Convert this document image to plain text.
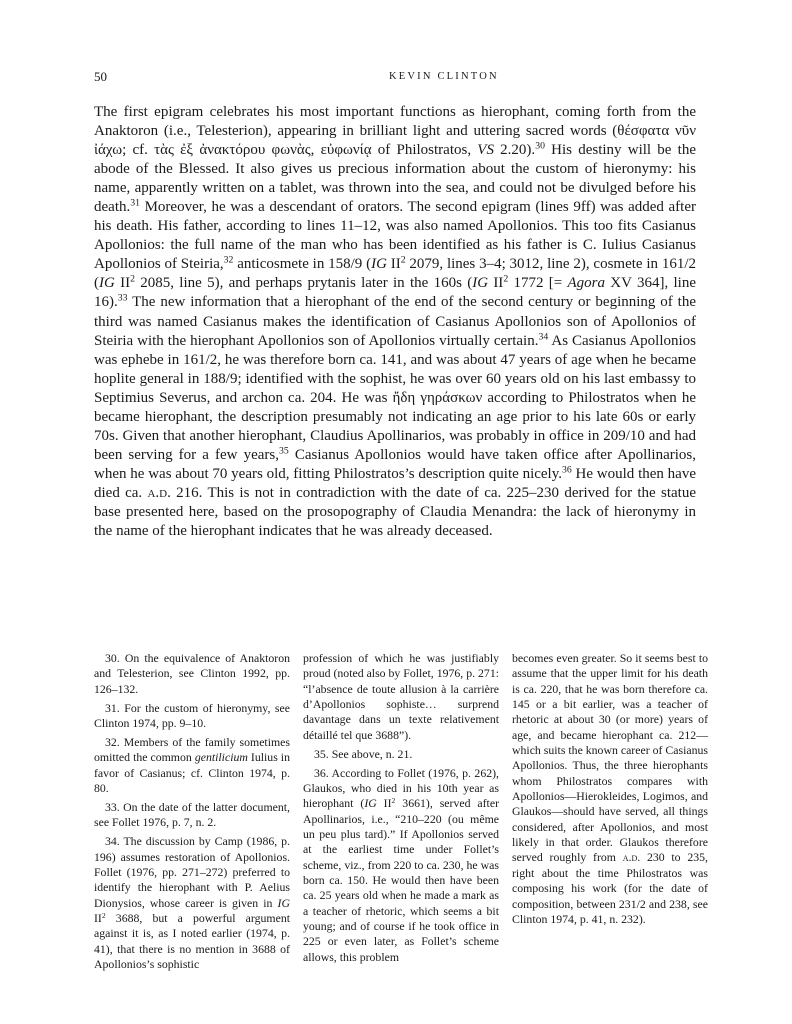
50	KEVIN CLINTON

The first epigram celebrates his most important functions as hierophant, coming forth from the Anaktoron (i.e., Telesterion), appearing in brilliant light and uttering sacred words (θέσφατα νῦν ἰάχω; cf. τὰς ἐξ ἀνακτόρου φωνὰς, εὐφωνίᾳ of Philostratos, VS 2.20).$^{30}$ His destiny will be the abode of the Blessed. It also gives us precious information about the custom of hieronymy: his name, apparently written on a tablet, was thrown into the sea, and could not be divulged before his death.$^{31}$ Moreover, he was a descendant of orators. The second epigram (lines 9ff) was added after his death. His father, according to lines 11–12, was also named Apollonios. This too fits Casianus Apollonios: the full name of the man who has been identified as his father is C. Iulius Casianus Apollonios of Steiria,$^{32}$ anticosmete in 158/9 (IG $II^2$ 2079, lines 3–4; 3012, line 2), cosmete in 161/2 (IG $II^2$ 2085, line 5), and perhaps prytanis later in the 160s (IG $II^2$ 1772 [= Agora XV 364], line 16).$^{33}$ The new information that a hierophant of the end of the second century or beginning of the third was named Casianus makes the identification of Casianus Apollonios son of Apollonios of Steiria with the hierophant Apollonios son of Apollonios virtually certain.$^{34}$ As Casianus Apollonios was ephebe in 161/2, he was therefore born ca. 141, and was about 47 years of age when he became hoplite general in 188/9; identified with the sophist, he was over 60 years old on his last embassy to Septimius Severus, and archon ca. 204. He was ἤδη γηράσκων according to Philostratos when he became hierophant, the description presumably not indicating an age prior to his late 60s or early 70s. Given that another hierophant, Claudius Apollinarios, was probably in office in 209/10 and had been serving for a few years,$^{35}$ Casianus Apollonios would have taken office after Apollinarios, when he was about 70 years old, fitting Philostratos’s description quite nicely.$^{36}$ He would then have died ca. a.d. 216. This is not in contradiction with the date of ca. 225–230 derived for the statue base presented here, based on the prosopography of Claudia Menandra: the lack of hieronymy in the name of the hierophant indicates that he was already deceased.

30. On the equivalence of Anaktoron and Telesterion, see Clinton 1992, pp. 126–132.

31. For the custom of hieronymy, see Clinton 1974, pp. 9–10.

32. Members of the family sometimes omitted the common gentilicium Iulius in favor of Casianus; cf. Clinton 1974, p. 80.

33. On the date of the latter document, see Follet 1976, p. 7, n. 2.

34. The discussion by Camp (1986, p. 196) assumes restoration of Apollonios. Follet (1976, pp. 271–272) preferred to identify the hierophant with P. Aelius Dionysios, whose career is given in IG $II^2$ 3688, but a powerful argument against it is, as I noted earlier (1974, p. 41), that there is no mention in 3688 of Apollonios’s sophistic

profession of which he was justifiably proud (noted also by Follet, 1976, p. 271: “l’absence de toute allusion à la carrière d’Apollonios sophiste… surprend davantage dans un texte relativement détaillé tel que 3688”).

35. See above, n. 21.

36. According to Follet (1976, p. 262), Glaukos, who died in his 10th year as hierophant (IG $II^2$ 3661), served after Apollinarios, i.e., “210–220 (ou même un peu plus tard).” If Apollonios served at the earliest time under Follet’s scheme, viz., from 220 to ca. 230, he was born ca. 150. He would then have been ca. 25 years old when he made a mark as a teacher of rhetoric, which seems a bit young; and of course if he took office in 225 or even later, as Follet’s scheme allows, this problem

becomes even greater. So it seems best to assume that the upper limit for his death is ca. 220, that he was born therefore ca. 145 or a bit earlier, was a teacher of rhetoric at about 30 (or more) years of age, and became hierophant ca. 212—which suits the known career of Casianus Apollonios. Thus, the three hierophants whom Philostratos compares with Apollonios—Hierokleides, Logimos, and Glaukos—should have served, all things considered, after Apollonios, and most likely in that order. Glaukos therefore served roughly from a.d. 230 to 235, right about the time Philostratos was composing his work (for the date of composition, between 231/2 and 238, see Clinton 1974, p. 41, n. 232).
